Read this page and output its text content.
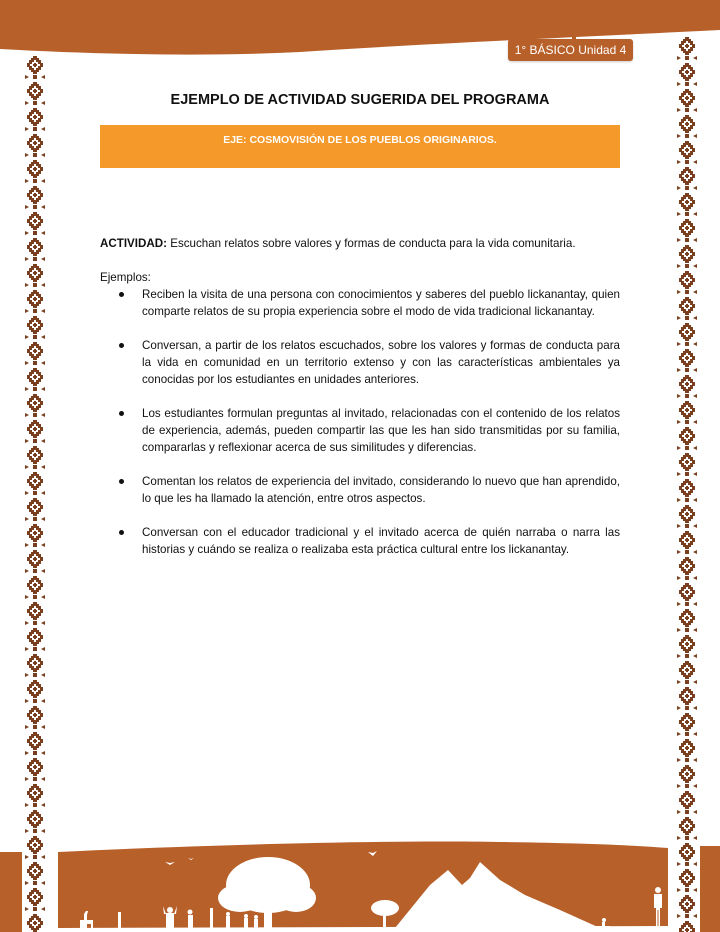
1° BÁSICO Unidad 4
EJEMPLO DE ACTIVIDAD SUGERIDA DEL PROGRAMA
EJE: COSMOVISIÓN DE LOS PUEBLOS ORIGINARIOS.

ACTIVIDAD: Escuchan relatos sobre valores y formas de conducta para la vida comunitaria.

Ejemplos:

Reciben la visita de una persona con conocimientos y saberes del pueblo lickanantay, quien comparte relatos de su propia experiencia sobre el modo de vida tradicional lickanantay.
Conversan, a partir de los relatos escuchados, sobre los valores y formas de conducta para la vida en comunidad en un territorio extenso y con las características ambientales ya conocidas por los estudiantes en unidades anteriores.
Los estudiantes formulan preguntas al invitado, relacionadas con el contenido de los relatos de experiencia, además, pueden compartir las que les han sido transmitidas por su familia, compararlas y reflexionar acerca de sus similitudes y diferencias.
Comentan los relatos de experiencia del invitado, considerando lo nuevo que han aprendido, lo que les ha llamado la atención, entre otros aspectos.
Conversan con el educador tradicional y el invitado acerca de quién narraba o narra las historias y cuándo se realiza o realizaba esta práctica cultural entre los lickanantay.
